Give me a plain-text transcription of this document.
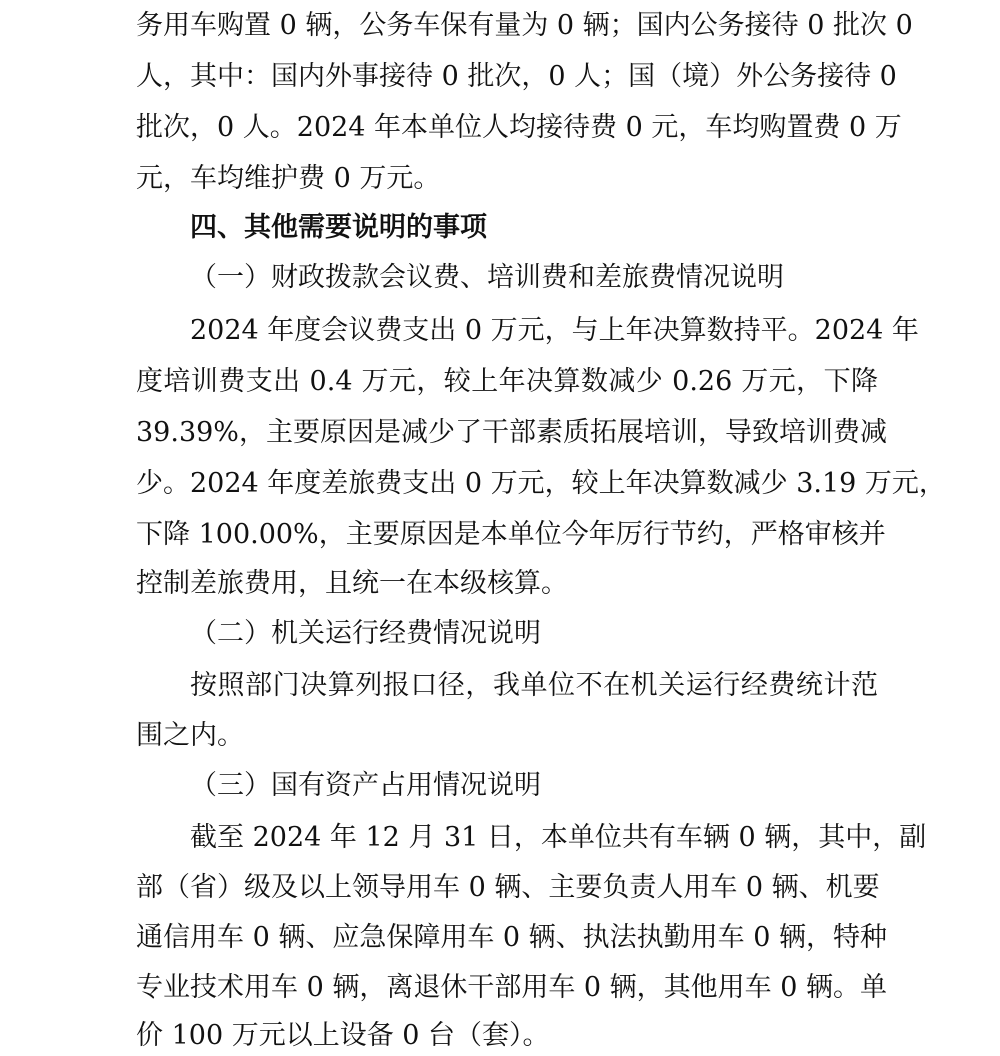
务用车购置 0 辆，公务车保有量为 0 辆；国内公务接待 0 批次 0
人，其中：国内外事接待 0 批次，0 人；国（境）外公务接待 0
批次，0 人。2024 年本单位人均接待费 0 元，车均购置费 0 万
元，车均维护费 0 万元。
四、其他需要说明的事项
（一）财政拨款会议费、培训费和差旅费情况说明
2024 年度会议费支出 0 万元，与上年决算数持平。2024 年
度培训费支出 0.4 万元，较上年决算数减少 0.26 万元，下降
39.39%，主要原因是减少了干部素质拓展培训，导致培训费减
少。2024 年度差旅费支出 0 万元，较上年决算数减少 3.19 万元，
下降 100.00%，主要原因是本单位今年厉行节约，严格审核并
控制差旅费用，且统一在本级核算。
（二）机关运行经费情况说明
按照部门决算列报口径，我单位不在机关运行经费统计范
围之内。
（三）国有资产占用情况说明
截至 2024 年 12 月 31 日，本单位共有车辆 0 辆，其中，副
部（省）级及以上领导用车 0 辆、主要负责人用车 0 辆、机要
通信用车 0 辆、应急保障用车 0 辆、执法执勤用车 0 辆，特种
专业技术用车 0 辆，离退休干部用车 0 辆，其他用车 0 辆。单
价 100 万元以上设备 0 台（套）。
